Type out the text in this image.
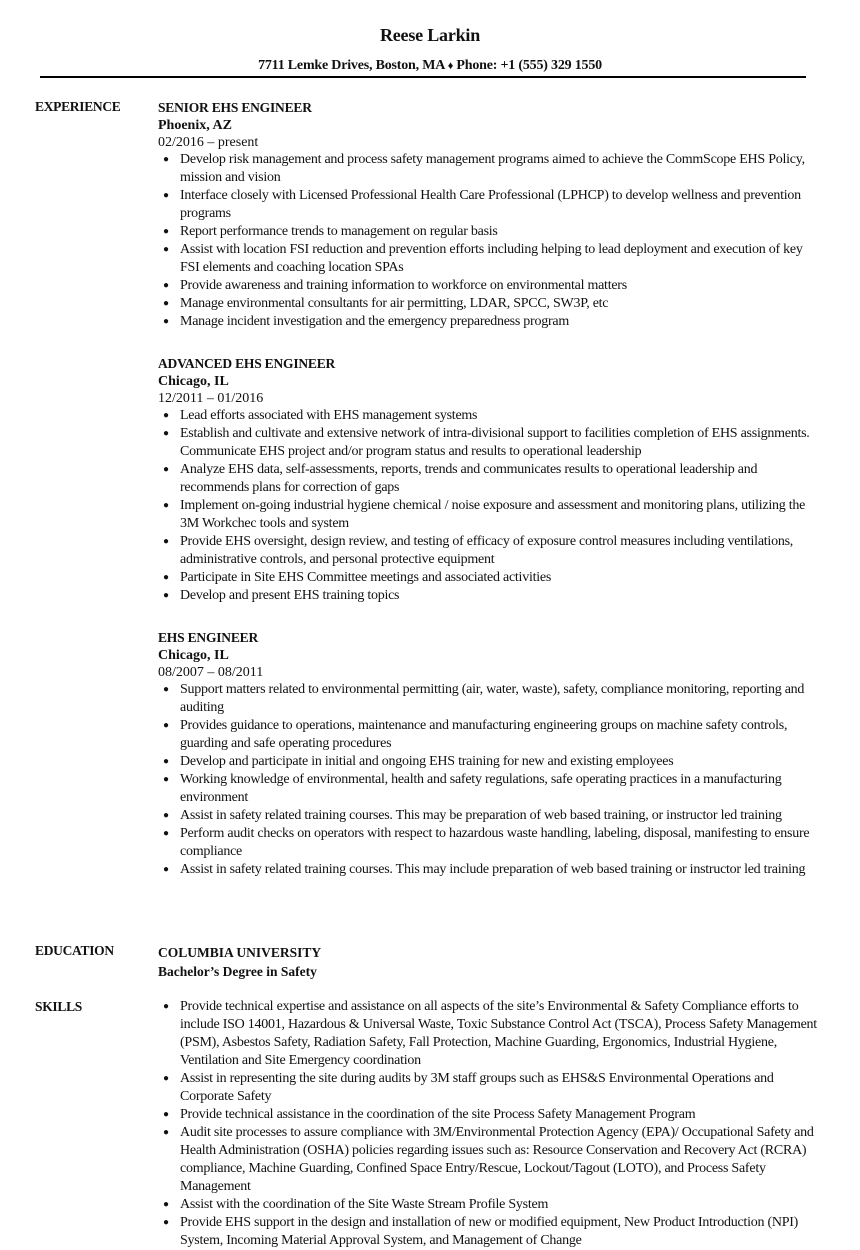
Reese Larkin
7711 Lemke Drives, Boston, MA ♦ Phone: +1 (555) 329 1550
EXPERIENCE	SENIOR EHS ENGINEER
Phoenix, AZ
02/2016 – present
● Develop risk management and process safety management programs aimed to achieve the CommScope EHS Policy, mission and vision
● Interface closely with Licensed Professional Health Care Professional (LPHCP) to develop wellness and prevention programs
● Report performance trends to management on regular basis
● Assist with location FSI reduction and prevention efforts including helping to lead deployment and execution of key FSI elements and coaching location SPAs
● Provide awareness and training information to workforce on environmental matters
● Manage environmental consultants for air permitting, LDAR, SPCC, SW3P, etc
● Manage incident investigation and the emergency preparedness program
ADVANCED EHS ENGINEER
Chicago, IL
12/2011 – 01/2016
● Lead efforts associated with EHS management systems
● Establish and cultivate and extensive network of intra-divisional support to facilities completion of EHS assignments. Communicate EHS project and/or program status and results to operational leadership
● Analyze EHS data, self-assessments, reports, trends and communicates results to operational leadership and recommends plans for correction of gaps
● Implement on-going industrial hygiene chemical / noise exposure and assessment and monitoring plans, utilizing the 3M Workchec tools and system
● Provide EHS oversight, design review, and testing of efficacy of exposure control measures including ventilations, administrative controls, and personal protective equipment
● Participate in Site EHS Committee meetings and associated activities
● Develop and present EHS training topics
EHS ENGINEER
Chicago, IL
08/2007 – 08/2011
● Support matters related to environmental permitting (air, water, waste), safety, compliance monitoring, reporting and auditing
● Provides guidance to operations, maintenance and manufacturing engineering groups on machine safety controls, guarding and safe operating procedures
● Develop and participate in initial and ongoing EHS training for new and existing employees
● Working knowledge of environmental, health and safety regulations, safe operating practices in a manufacturing environment
● Assist in safety related training courses. This may be preparation of web based training, or instructor led training
● Perform audit checks on operators with respect to hazardous waste handling, labeling, disposal, manifesting to ensure compliance
● Assist in safety related training courses. This may include preparation of web based training or instructor led training
EDUCATION	COLUMBIA UNIVERSITY
Bachelor’s Degree in Safety
SKILLS	● Provide technical expertise and assistance on all aspects of the site’s Environmental & Safety Compliance efforts to include ISO 14001, Hazardous & Universal Waste, Toxic Substance Control Act (TSCA), Process Safety Management (PSM), Asbestos Safety, Radiation Safety, Fall Protection, Machine Guarding, Ergonomics, Industrial Hygiene, Ventilation and Site Emergency coordination
● Assist in representing the site during audits by 3M staff groups such as EHS&S Environmental Operations and Corporate Safety
● Provide technical assistance in the coordination of the site Process Safety Management Program
● Audit site processes to assure compliance with 3M/Environmental Protection Agency (EPA)/ Occupational Safety and Health Administration (OSHA) policies regarding issues such as: Resource Conservation and Recovery Act (RCRA) compliance, Machine Guarding, Confined Space Entry/Rescue, Lockout/Tagout (LOTO), and Process Safety Management
● Assist with the coordination of the Site Waste Stream Profile System
● Provide EHS support in the design and installation of new or modified equipment, New Product Introduction (NPI) System, Incoming Material Approval System, and Management of Change
